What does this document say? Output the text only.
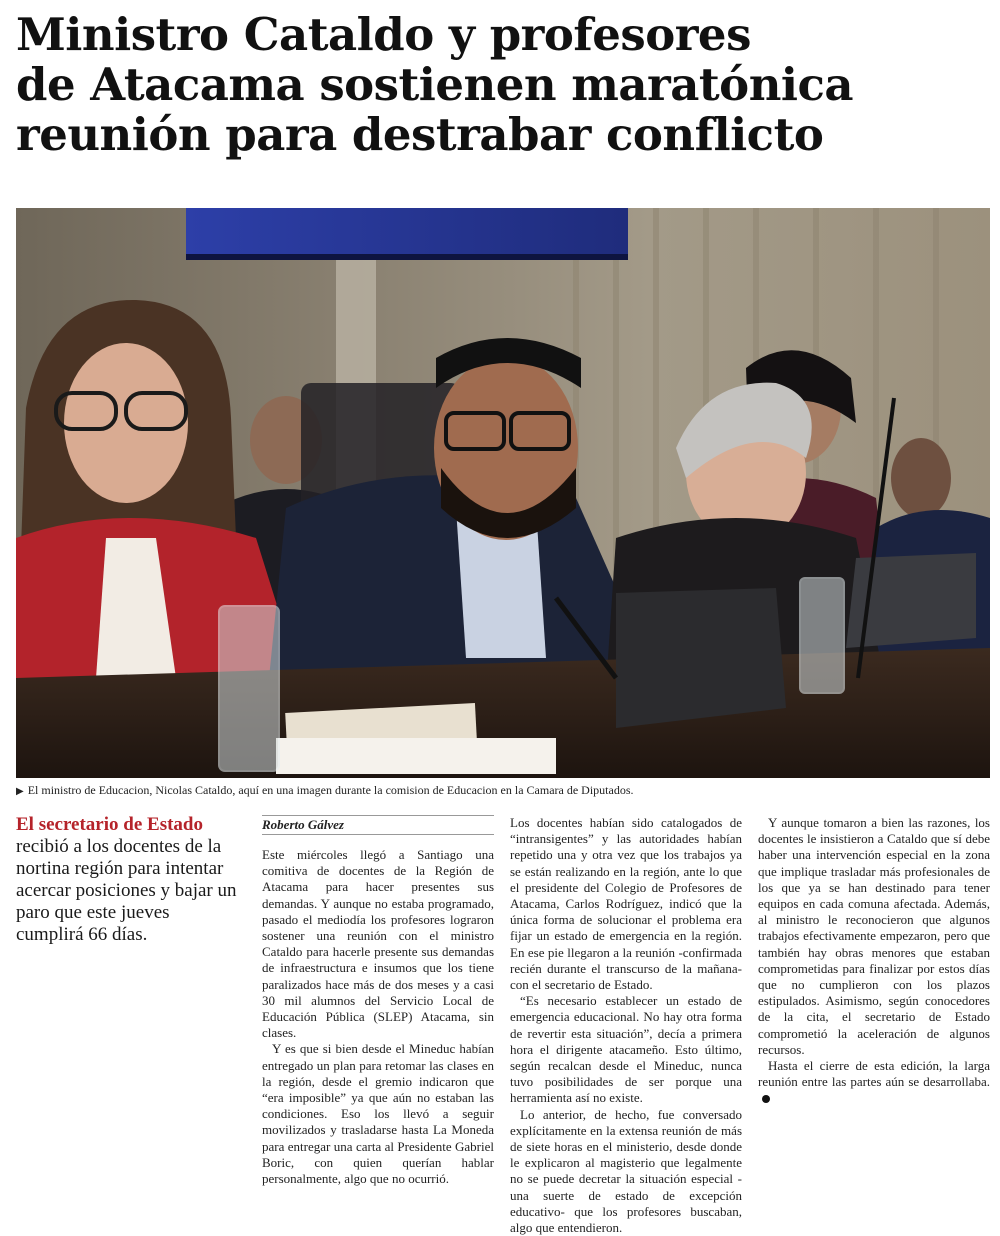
Ministro Cataldo y profesores
de Atacama sostienen maratónica
reunión para destrabar conflicto
▶ El ministro de Educacion, Nicolas Cataldo, aquí en una imagen durante la comision de Educacion en la Camara de Diputados.
El secretario de Estado recibió a los docentes de la nortina región para intentar acercar posiciones y bajar un paro que este jueves cumplirá 66 días.
Roberto Gálvez

Este miércoles llegó a Santiago una comitiva de docentes de la Región de Atacama para hacer presentes sus demandas. Y aunque no estaba programado, pasado el mediodía los profesores lograron sostener una reunión con el ministro Cataldo para hacerle presente sus demandas de infraestructura e insumos que los tiene paralizados hace más de dos meses y a casi 30 mil alumnos del Servicio Local de Educación Pública (SLEP) Atacama, sin clases.

Y es que si bien desde el Mineduc habían entregado un plan para retomar las clases en la región, desde el gremio indicaron que “era imposible” ya que aún no estaban las condiciones. Eso los llevó a seguir movilizados y trasladarse hasta La Moneda para entregar una carta al Presidente Gabriel Boric, con quien querían hablar personalmente, algo que no ocurrió.

Los docentes habían sido catalogados de “intransigentes” y las autoridades habían repetido una y otra vez que los trabajos ya se están realizando en la región, ante lo que el presidente del Colegio de Profesores de Atacama, Carlos Rodríguez, indicó que la única forma de solucionar el problema era fijar un estado de emergencia en la región. En ese pie llegaron a la reunión -confirmada recién durante el transcurso de la mañana- con el secretario de Estado.

“Es necesario establecer un estado de emergencia educacional. No hay otra forma de revertir esta situación”, decía a primera hora el dirigente atacameño. Esto último, según recalcan desde el Mineduc, nunca tuvo posibilidades de ser porque una herramienta así no existe.

Lo anterior, de hecho, fue conversado explícitamente en la extensa reunión de más de siete horas en el ministerio, desde donde le explicaron al magisterio que legalmente no se puede decretar la situación especial -una suerte de estado de excepción educativo- que los profesores buscaban, algo que entendieron.

Y aunque tomaron a bien las razones, los docentes le insistieron a Cataldo que sí debe haber una intervención especial en la zona que implique trasladar más profesionales de los que ya se han destinado para tener equipos en cada comuna afectada. Además, al ministro le reconocieron que algunos trabajos efectivamente empezaron, pero que también hay obras menores que estaban comprometidas para finalizar por estos días que no cumplieron con los plazos estipulados. Asimismo, según conocedores de la cita, el secretario de Estado comprometió la aceleración de algunos recursos.

Hasta el cierre de esta edición, la larga reunión entre las partes aún se desarrollaba.
